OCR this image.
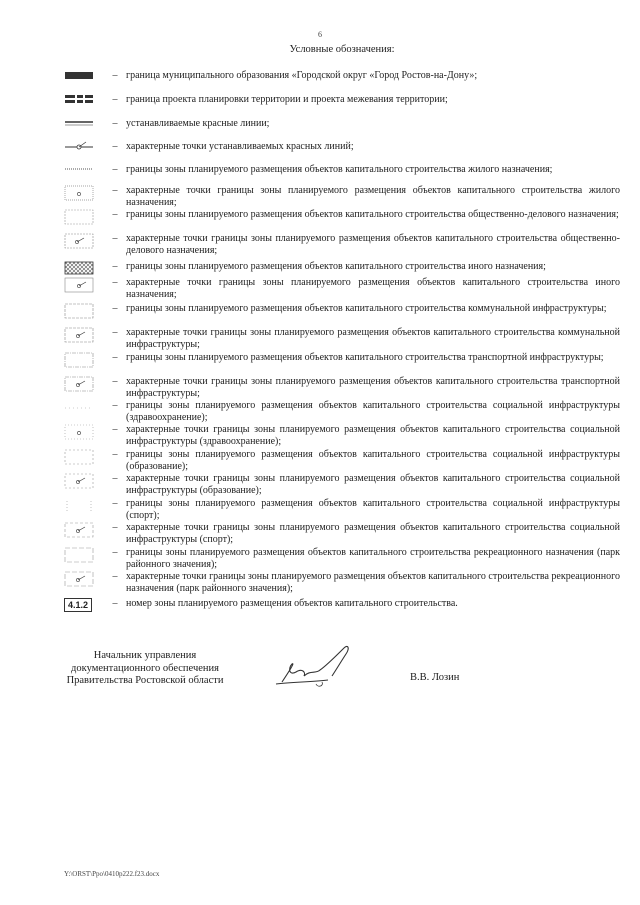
6
Условные обозначения:
– граница муниципального образования «Городской округ «Город Ростов-на-Дону»;
– граница проекта планировки территории и проекта межевания территории;
– устанавливаемые красные линии;
– характерные точки устанавливаемых красных линий;
– границы зоны планируемого размещения объектов капитального строительства жилого назначения;
– характерные точки границы зоны планируемого размещения объектов капитального строительства жилого назначения;
– границы зоны планируемого размещения объектов капитального строительства общественно-делового назначения;
– характерные точки границы зоны планируемого размещения объектов капитального строительства общественно-делового назначения;
– границы зоны планируемого размещения объектов капитального строительства иного назначения;
– характерные точки границы зоны планируемого размещения объектов капитального строительства иного назначения;
– границы зоны планируемого размещения объектов капитального строительства коммунальной инфраструктуры;
– характерные точки границы зоны планируемого размещения объектов капитального строительства коммунальной инфраструктуры;
– границы зоны планируемого размещения объектов капитального строительства транспортной инфраструктуры;
– характерные точки границы зоны планируемого размещения объектов капитального строительства транспортной инфраструктуры;
– границы зоны планируемого размещения объектов капитального строительства социальной инфраструктуры (здравоохранение);
– характерные точки границы зоны планируемого размещения объектов капитального строительства социальной инфраструктуры (здравоохранение);
– границы зоны планируемого размещения объектов капитального строительства социальной инфраструктуры (образование);
– характерные точки границы зоны планируемого размещения объектов капитального строительства социальной инфраструктуры (образование);
– границы зоны планируемого размещения объектов капитального строительства социальной инфраструктуры (спорт);
– характерные точки границы зоны планируемого размещения объектов капитального строительства социальной инфраструктуры (спорт);
– границы зоны планируемого размещения объектов капитального строительства рекреационного назначения (парк районного значения);
– характерные точки границы зоны планируемого размещения объектов капитального строительства рекреационного назначения (парк районного значения);
4.1.2	– номер зоны планируемого размещения объектов капитального строительства.
Начальник управления
документационного обеспечения
Правительства Ростовской области	В.В. Лозин
Y:\ORST\Ppo\0410p222.f23.docx
